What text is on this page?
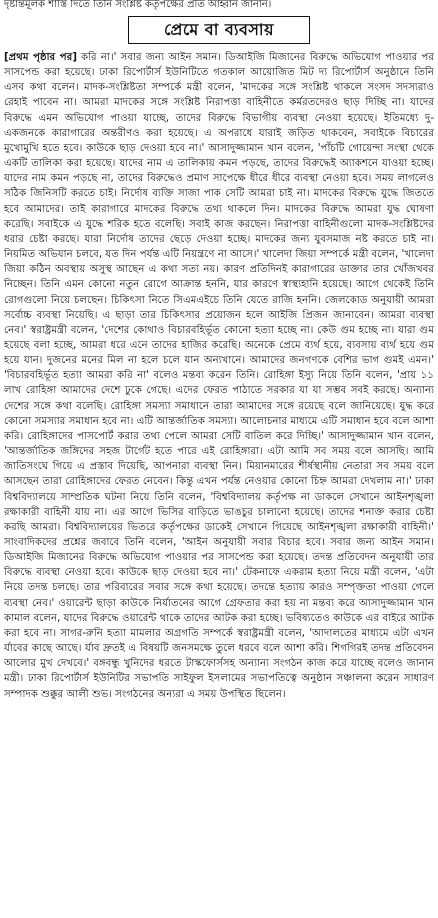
দৃষ্টান্তমূলক শাস্তি দিতে তিনি সংশ্লিষ্ট কর্তৃপক্ষের প্রতি আহ্বান জানান।
প্রেমে বা ব্যবসায়

[প্রথম পৃষ্ঠার পর] করি না।' সবার জন্য আইন সমান। ডিআইজি মিজানের বিরুদ্ধে অভিযোগ পাওয়ার পর সাসপেন্ড করা হয়েছে। ঢাকা রিপোর্টার্স ইউনিটিতে গতকাল আয়োজিত মিট দ্য রিপোর্টার্স অনুষ্ঠানে তিনি এসব কথা বলেন। মাদক-সংশ্লিষ্টতা সম্পর্কে মন্ত্রী বলেন, 'মাদকের সঙ্গে সংশ্লিষ্ট থাকলে সংসদ সদস্যরাও রেহাই পাবেন না। আমরা মাদকের সঙ্গে সংশ্লিষ্ট নিরাপত্তা বাহিনীতে কর্মরতদেরও ছাড় দিচ্ছি না। যাদের বিরুদ্ধে এমন অভিযোগ পাওয়া যাচ্ছে, তাদের বিরুদ্ধে বিভাগীয় ব্যবস্থা নেওয়া হয়েছে। ইতিমধ্যে দু-একজনকে কারাগারের অন্তরীণও করা হয়েছে। এ অপরাধে যারাই জড়িত থাকবেন, সবাইকে বিচারের মুখোমুখি হতে হবে। কাউকে ছাড় দেওয়া হবে না।' আসাদুজ্জামান খান বলেন, 'পাঁচটি গোয়েন্দা সংস্থা থেকে একটি তালিকা করা হয়েছে। যাদের নাম এ তালিকায় কমন পড়ছে, তাদের বিরুদ্ধেই অ্যাকশনে যাওয়া হচ্ছে। যাদের নাম কমন পড়ছে না, তাদের বিরুদ্ধেও প্রমাণ সাপেক্ষে ধীরে ধীরে ব্যবস্থা নেওয়া হবে। সময় লাগলেও সঠিক জিনিসটি করতে চাই। নির্দোষ ব্যক্তি সাজা পাক সেটি আমরা চাই না। মাদকের বিরুদ্ধে যুদ্ধে জিততে হবে আমাদের। তাই কারাগারে মাদকের বিরুদ্ধে তথ্য থাকলে দিন। মাদকের বিরুদ্ধে আমরা যুদ্ধ ঘোষণা করেছি। সবাইকে এ যুদ্ধে শরিক হতে বলেছি। সবাই কাজ করছেন। নিরাপত্তা বাহিনীগুলো মাদক-সংশ্লিষ্টদের ধরার চেষ্টা করছে। যারা নির্দোষ তাদের ছেড়ে দেওয়া হচ্ছে। মাদকের জন্য যুবসমাজ নষ্ট করতে চাই না। নিয়মিত অভিযান চলবে, যত দিন পর্যন্ত এটি নিয়ন্ত্রণে না আসে।' খালেদা জিয়া সম্পর্কে মন্ত্রী বলেন, 'খালেদা জিয়া কঠিন অবস্থায় অসুস্থ আছেন এ কথা সত্য নয়। কারণ প্রতিদিনই কারাগারের ডাক্তার তার খোঁজখবর নিচ্ছেন। তিনি এমন কোনো নতুন রোগে আক্রান্ত হননি, যার কারণে স্বাস্থ্যহানি হয়েছে। আগে থেকেই তিনি রোগগুলো নিয়ে চলছেন। চিকিৎসা নিতে সিএমএইচে তিনি যেতে রাজি হননি। জেলকোড অনুযায়ী আমরা সর্বোচ্চ ব্যবস্থা নিয়েছি। এ ছাড়া তার চিকিৎসার প্রয়োজন হলে আইজি প্রিজন জানাবেন। আমরা ব্যবস্থা নেব।' স্বরাষ্ট্রমন্ত্রী বলেন, 'দেশের কোথাও বিচারবহির্ভূত কোনো হত্যা হচ্ছে না। কেউ গুম হচ্ছে না। যারা গুম হয়েছে বলা হচ্ছে, আমরা ধরে এনে তাদের হাজির করেছি। অনেকে প্রেমে ব্যর্থ হয়ে, ব্যবসায় ব্যর্থ হয়ে গুম হয়ে যান। দুজনের মনের মিল না হলে চলে যান অন্যখানে। আমাদের জনগণকে বেশির ভাগ গুমই এমন।' 'বিচারবহির্ভূত হত্যা আমরা করি না' বলেও মন্তব্য করেন তিনি। রোহিঙ্গা ইস্যু নিয়ে তিনি বলেন, 'প্রায় ১১ লাখ রোহিঙ্গা আমাদের দেশে ঢুকে গেছে। এদের ফেরত পাঠাতে সরকার যা যা সম্ভব সবই করছে। অন্যান্য দেশের সঙ্গে কথা বলেছি। রোহিঙ্গা সমস্যা সমাধানে তারা আমাদের সঙ্গে রয়েছে বলে জানিয়েছে। যুদ্ধ করে কোনো সমস্যার সমাধান হবে না। এটি আন্তর্জাতিক সমস্যা। আলোচনার মাধ্যমে এটি সমাধান হবে বলে আশা করি। রোহিঙ্গাদের পাসপোর্ট করার তথ্য পেলে আমরা সেটি বাতিল করে দিচ্ছি।' আসাদুজ্জামান খান বলেন, 'আন্তর্জাতিক জঙ্গিদের সহজ টার্গেট হতে পারে এই রোহিঙ্গারা। এটা আমি সব সময় বলে আসছি। আমি জাতিসংঘে গিয়ে এ প্রস্তাব দিয়েছি, আপনারা ব্যবস্থা নিন। মিয়ানমারের শীর্ষস্থানীয় নেতারা সব সময় বলে আসছেন তারা রোহিঙ্গাদের ফেরত নেবেন। কিন্তু এখন পর্যন্ত নেওয়ার কোনো চিহ্ন আমরা দেখলাম না।' ঢাকা বিশ্ববিদ্যালয়ে সাম্প্রতিক ঘটনা নিয়ে তিনি বলেন, 'বিশ্ববিদ্যালয় কর্তৃপক্ষ না ডাকলে সেখানে আইনশৃঙ্খলা রক্ষাকারী বাহিনী যায় না। এর আগে ভিসির বাড়িতে ভাঙচুর চালানো হয়েছে। তাদের শনাক্ত করার চেষ্টা করছি আমরা। বিশ্ববিদ্যালয়ের ভিতরে কর্তৃপক্ষের ডাকেই সেখানে গিয়েছে আইনশৃঙ্খলা রক্ষাকারী বাহিনী।' সাংবাদিকদের প্রশ্নের জবাবে তিনি বলেন, 'আইন অনুযায়ী সবার বিচার হবে। সবার জন্য আইন সমান। ডিআইজি মিজানের বিরুদ্ধে অভিযোগ পাওয়ার পর সাসপেন্ড করা হয়েছে। তদন্ত প্রতিবেদন অনুযায়ী তার বিরুদ্ধে ব্যবস্থা নেওয়া হবে। কাউকে ছাড় দেওয়া হবে না।' টেকনাফে একরাম হত্যা নিয়ে মন্ত্রী বলেন, 'এটা নিয়ে তদন্ত চলছে। তার পরিবারের সবার সঙ্গে কথা হয়েছে। তদন্তে হত্যায় কারও সম্পৃক্ততা পাওয়া গেলে ব্যবস্থা নেব।' ওয়ারেন্ট ছাড়া কাউকে নির্যাতনের আগে গ্রেফতার করা হয় না মন্তব্য করে আসাদুজ্জামান খান কামাল বলেন, যাদের বিরুদ্ধে ওয়ারেন্ট থাকে তাদের আটক করা হচ্ছে। ভবিষ্যতেও কাউকে এর বাইরে আটক করা হবে না। সাগর-রুনি হত্যা মামলার অগ্রগতি সম্পর্কে স্বরাষ্ট্রমন্ত্রী বলেন, 'আদালতের মাধ্যমে এটা এখন র্যাবের কাছে আছে। র্যাব দ্রুতই এ বিষয়টি জনসমক্ষে তুলে ধরবে বলে আশা করি। শিগগিরই তদন্ত প্রতিবেদন আলোর মুখ দেখবে।' বঙ্গবন্ধু খুনিদের ধরতে টাস্কফোর্সসহ অন্যান্য সংগঠন কাজ করে যাচ্ছে বলেও জানান মন্ত্রী। ঢাকা রিপোর্টার্স ইউনিটির সভাপতি সাইফুল ইসলামের সভাপতিত্বে অনুষ্ঠান সঞ্চালনা করেন সাধারণ সম্পাদক শুক্কুর আলী শুভ। সংগঠনের অন্যরা এ সময় উপস্থিত ছিলেন।
